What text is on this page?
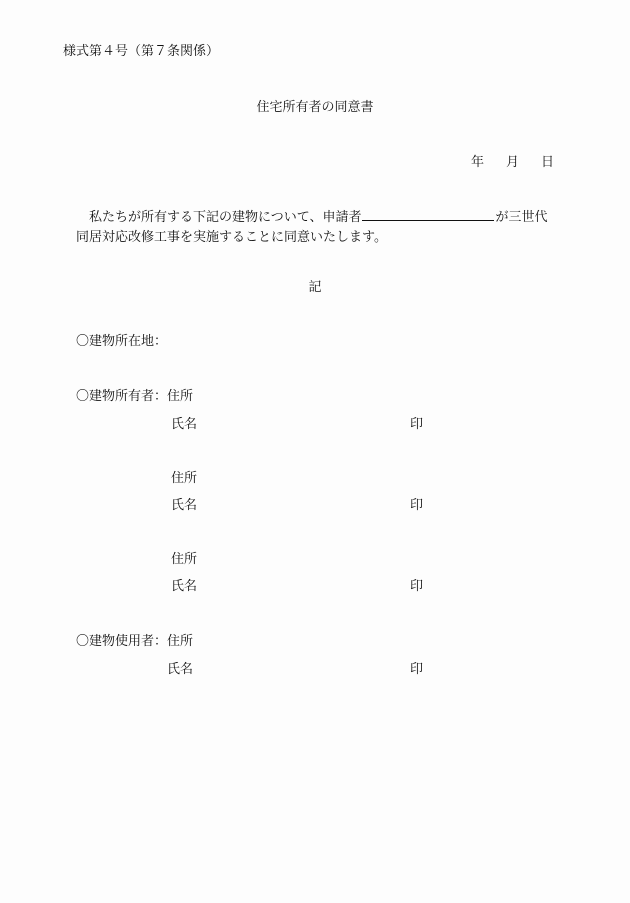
様式第４号（第７条関係）
住宅所有者の同意書
年 月 日
私たちが所有する下記の建物について、申請者	が三世代
同居対応改修工事を実施することに同意いたします。
記
〇建物所在地：
〇建物所有者：住所
氏名	印
住所
氏名	印
住所
氏名	印
〇建物使用者：住所
氏名	印
